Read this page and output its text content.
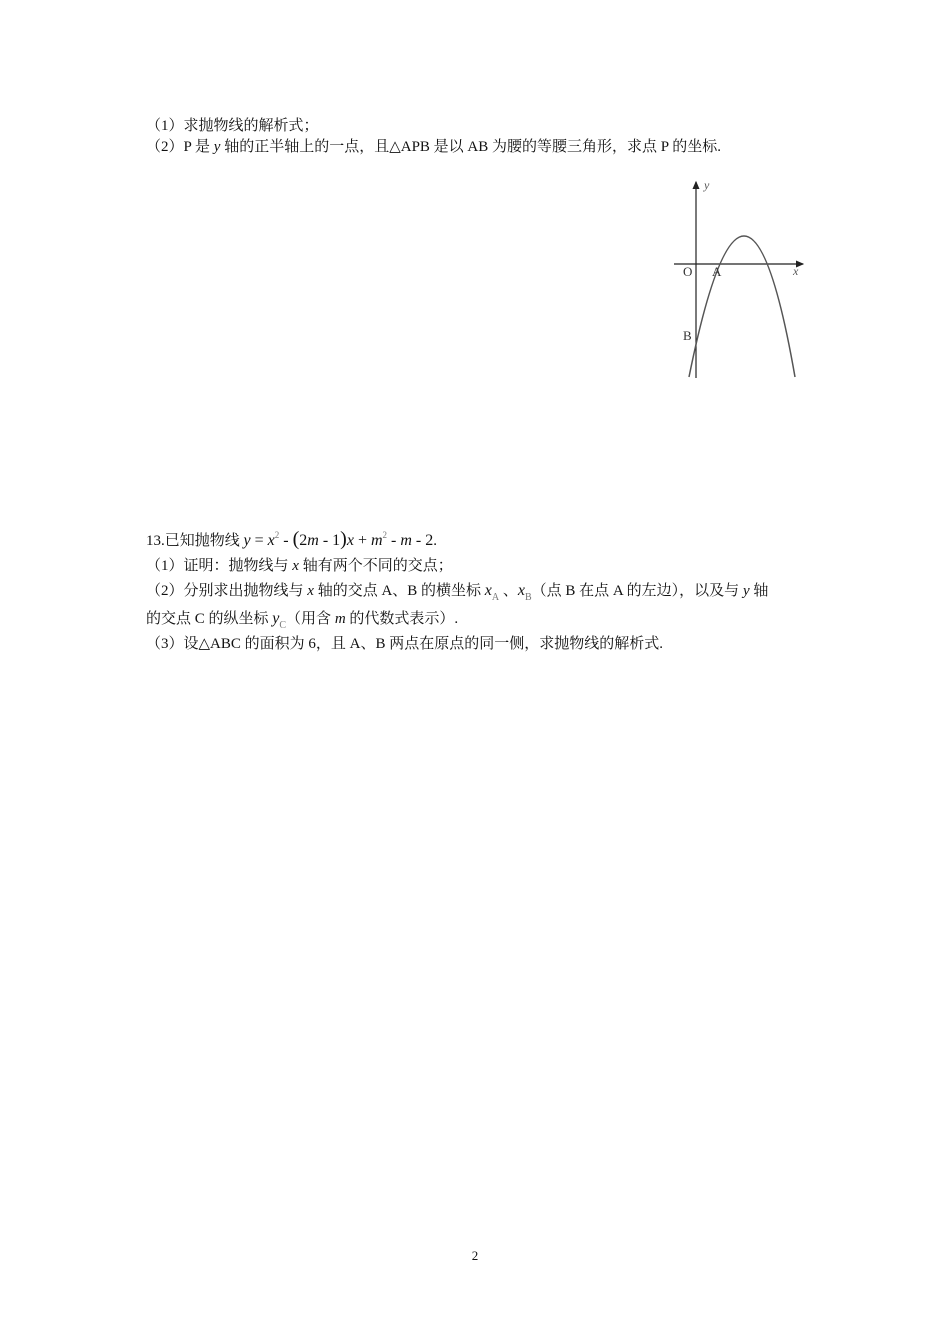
（1）求抛物线的解析式；
（2）P 是 y 轴的正半轴上的一点，且△APB 是以 AB 为腰的等腰三角形，求点 P 的坐标.
y
x
O A
B
13.已知抛物线 $y = x^2 - (2m - 1)x + m^2 - m - 2$.
（1）证明：抛物线与 x 轴有两个不同的交点；
（2）分别求出抛物线与 x 轴的交点 A、B 的横坐标 $x_A$ 、$x_B$（点 B 在点 A 的左边），以及与 y 轴
的交点 C 的纵坐标 $y_C$（用含 m 的代数式表示）.
（3）设△ABC 的面积为 6，且 A、B 两点在原点的同一侧，求抛物线的解析式.
2
